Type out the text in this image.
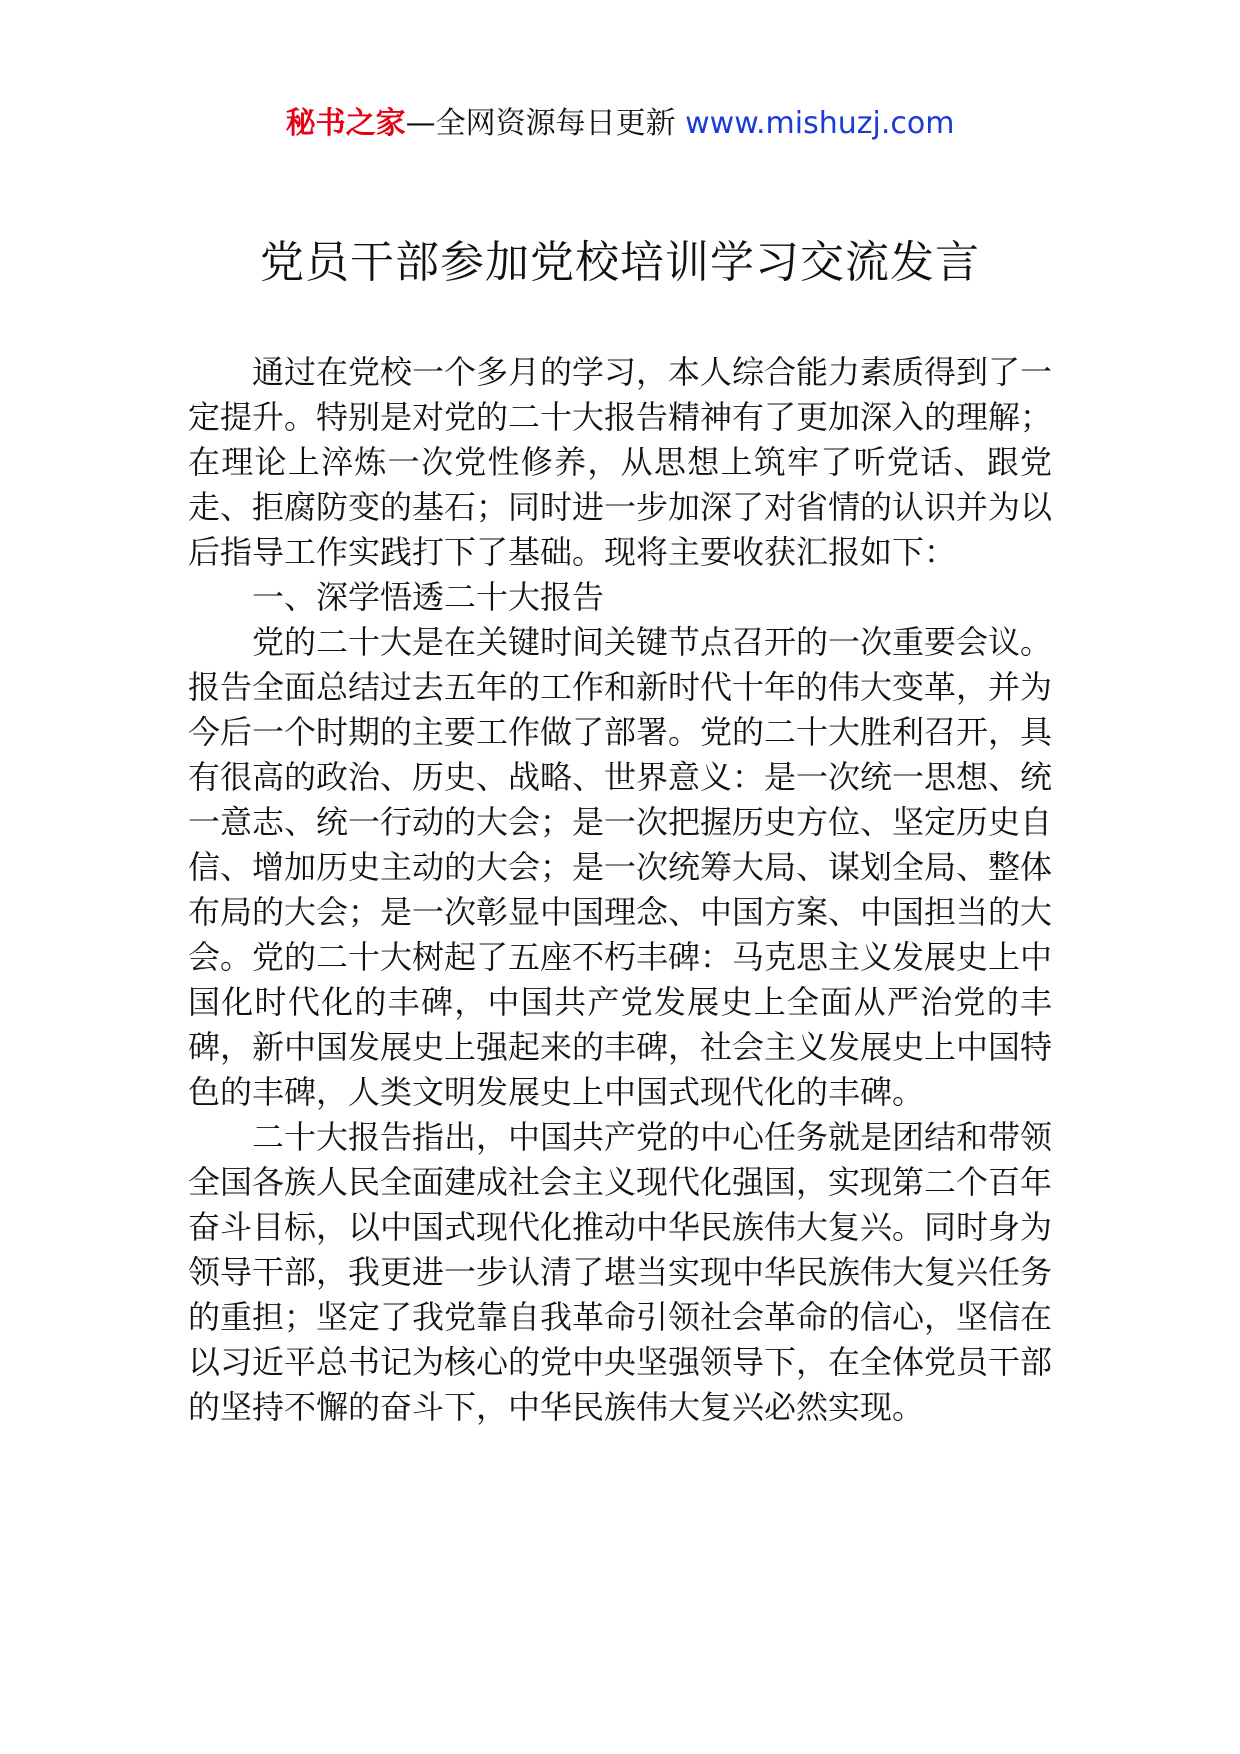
秘书之家—全网资源每日更新 www.mishuzj.com
党员干部参加党校培训学习交流发言

通过在党校一个多月的学习，本人综合能力素质得到了一定提升。特别是对党的二十大报告精神有了更加深入的理解；在理论上淬炼一次党性修养，从思想上筑牢了听党话、跟党走、拒腐防变的基石；同时进一步加深了对省情的认识并为以后指导工作实践打下了基础。现将主要收获汇报如下：

一、深学悟透二十大报告

党的二十大是在关键时间关键节点召开的一次重要会议。报告全面总结过去五年的工作和新时代十年的伟大变革，并为今后一个时期的主要工作做了部署。党的二十大胜利召开，具有很高的政治、历史、战略、世界意义：是一次统一思想、统一意志、统一行动的大会；是一次把握历史方位、坚定历史自信、增加历史主动的大会；是一次统筹大局、谋划全局、整体布局的大会；是一次彰显中国理念、中国方案、中国担当的大会。党的二十大树起了五座不朽丰碑：马克思主义发展史上中国化时代化的丰碑，中国共产党发展史上全面从严治党的丰碑，新中国发展史上强起来的丰碑，社会主义发展史上中国特色的丰碑，人类文明发展史上中国式现代化的丰碑。

二十大报告指出，中国共产党的中心任务就是团结和带领全国各族人民全面建成社会主义现代化强国，实现第二个百年奋斗目标，以中国式现代化推动中华民族伟大复兴。同时身为领导干部，我更进一步认清了堪当实现中华民族伟大复兴任务的重担；坚定了我党靠自我革命引领社会革命的信心，坚信在以习近平总书记为核心的党中央坚强领导下，在全体党员干部的坚持不懈的奋斗下，中华民族伟大复兴必然实现。
